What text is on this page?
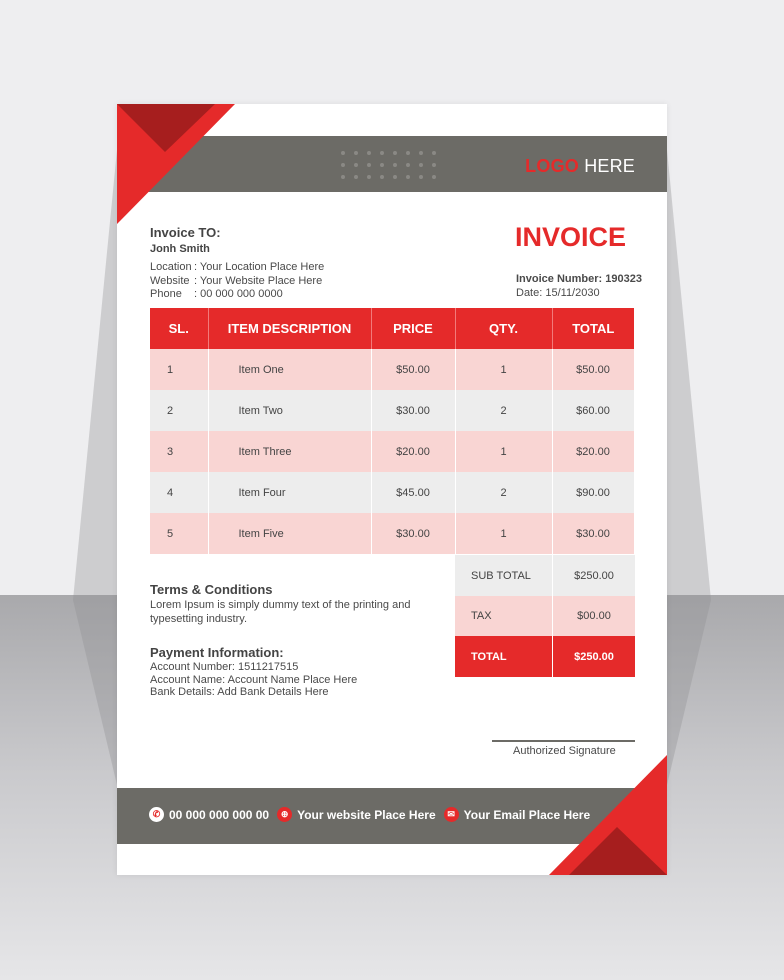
LOGO HERE
Invoice TO:
Jonh Smith
Location : Your Location Place Here
Website : Your Website Place Here
Phone	: 00 000 000 0000
INVOICE
Invoice Number: 190323
Date: 15/11/2030
SL.	ITEM DESCRIPTION	PRICE	QTY.	TOTAL
1	Item One	$50.00	1	$50.00
2	Item Two	$30.00	2	$60.00
3	Item Three	$20.00	1	$20.00
4	Item Four	$45.00	2	$90.00
5	Item Five	$30.00	1	$30.00
SUB TOTAL	$250.00
TAX	$00.00
TOTAL	$250.00
Terms & Conditions
Lorem Ipsum is simply dummy text of the printing and
typesetting industry.
Payment Information:
Account Number: 1511217515
Account Name: Account Name Place Here
Bank Details: Add Bank Details Here
Authorized Signature
✆ 00 000 000 000 00	⊕ Your website Place Here	✉ Your Email Place Here
